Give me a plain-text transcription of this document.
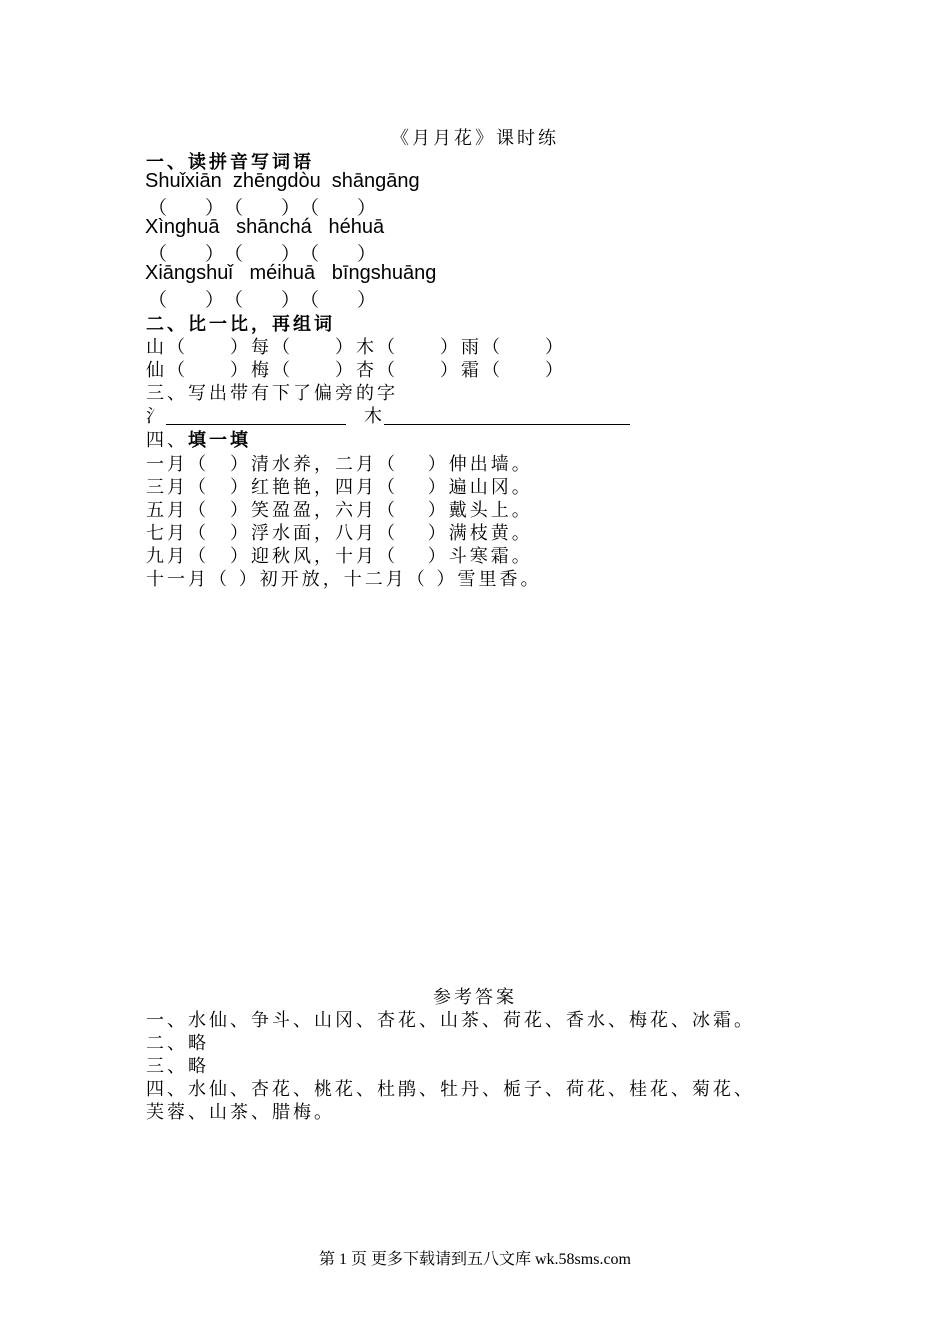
《月月花》课时练
一、读拼音写词语
Shuǐxiān  zhēngdòu  shāngāng
（　　）　（　　）　（　　）
Xìnghuā   shānchá   héhuā
（　　）　（　　）　（　　）
Xiāngshuǐ   méihuā   bīngshuāng
（　　）　（　　）　（　　）
二、比一比，再组词
山（　　）每（　　）木（　　）雨（　　）
仙（　　）梅（　　）杏（　　）霜（　　）
三、写出带有下了偏旁的字
氵	木
四、填一填
一月（　）清水养，二月（　 ）伸出墙。
三月（　）红艳艳，四月（　 ）遍山冈。
五月（　）笑盈盈，六月（　 ）戴头上。
七月（　）浮水面，八月（　 ）满枝黄。
九月（　）迎秋风，十月（　 ）斗寒霜。
十一月（ ）初开放，十二月（ ）雪里香。
参考答案
一、水仙、争斗、山冈、杏花、山茶、荷花、香水、梅花、冰霜。
二、略
三、略
四、水仙、杏花、桃花、杜鹃、牡丹、栀子、荷花、桂花、菊花、
芙蓉、山茶、腊梅。
第 1 页 更多下载请到五八文库 wk.58sms.com
